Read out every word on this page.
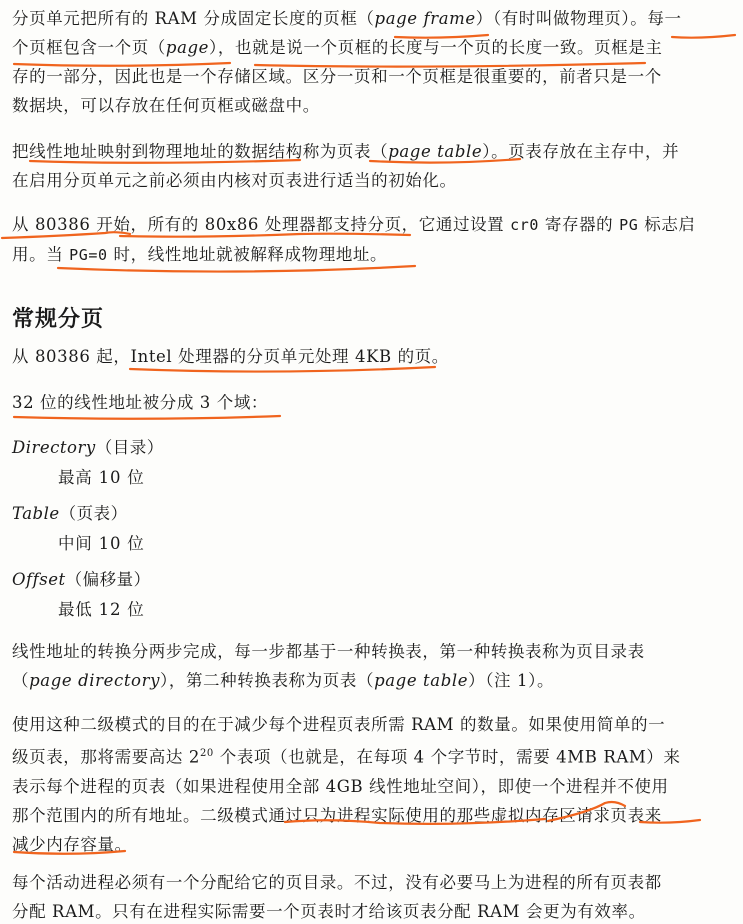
分页单元把所有的 RAM 分成固定长度的页框（page frame）（有时叫做物理页）。每一
个页框包含一个页（page），也就是说一个页框的长度与一个页的长度一致。页框是主
存的一部分，因此也是一个存储区域。区分一页和一个页框是很重要的，前者只是一个
数据块，可以存放在任何页框或磁盘中。
把线性地址映射到物理地址的数据结构称为页表（page table）。页表存放在主存中，并
在启用分页单元之前必须由内核对页表进行适当的初始化。
从 80386 开始，所有的 80x86 处理器都支持分页，它通过设置 cr0 寄存器的 PG 标志启
用。当 PG=0 时，线性地址就被解释成物理地址。
常规分页
从 80386 起，Intel 处理器的分页单元处理 4KB 的页。
32 位的线性地址被分成 3 个域：
Directory（目录）
最高 10 位
Table（页表）
中间 10 位
Offset（偏移量）
最低 12 位
线性地址的转换分两步完成，每一步都基于一种转换表，第一种转换表称为页目录表
（page directory），第二种转换表称为页表（page table）（注 1）。
使用这种二级模式的目的在于减少每个进程页表所需 RAM 的数量。如果使用简单的一
级页表，那将需要高达 $2^{20}$ 个表项（也就是，在每项 4 个字节时，需要 4MB RAM）来
表示每个进程的页表（如果进程使用全部 4GB 线性地址空间），即使一个进程并不使用
那个范围内的所有地址。二级模式通过只为进程实际使用的那些虚拟内存区请求页表来
减少内存容量。
每个活动进程必须有一个分配给它的页目录。不过，没有必要马上为进程的所有页表都
分配 RAM。只有在进程实际需要一个页表时才给该页表分配 RAM 会更为有效率。
